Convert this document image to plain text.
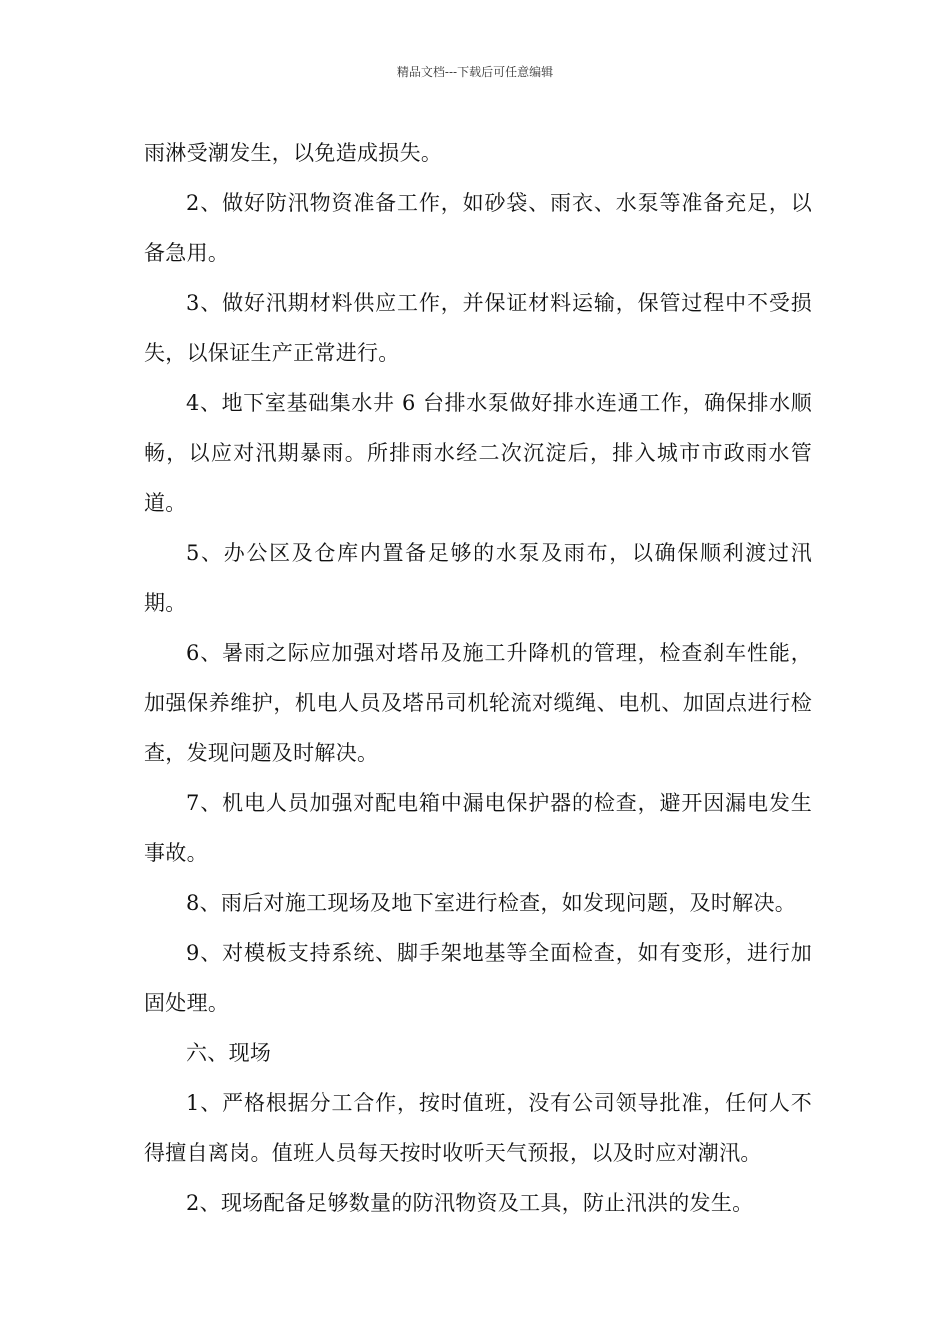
精品文档---下载后可任意编辑

雨淋受潮发生，以免造成损失。

2、做好防汛物资准备工作，如砂袋、雨衣、水泵等准备充足，以备急用。

3、做好汛期材料供应工作，并保证材料运输，保管过程中不受损失，以保证生产正常进行。

4、地下室基础集水井 6 台排水泵做好排水连通工作，确保排水顺畅，以应对汛期暴雨。所排雨水经二次沉淀后，排入城市市政雨水管道。

5、办公区及仓库内置备足够的水泵及雨布，以确保顺利渡过汛期。

6、暑雨之际应加强对塔吊及施工升降机的管理，检查刹车性能，加强保养维护，机电人员及塔吊司机轮流对缆绳、电机、加固点进行检查，发现问题及时解决。

7、机电人员加强对配电箱中漏电保护器的检查，避开因漏电发生事故。

8、雨后对施工现场及地下室进行检查，如发现问题，及时解决。

9、对模板支持系统、脚手架地基等全面检查，如有变形，进行加固处理。

六、现场

1、严格根据分工合作，按时值班，没有公司领导批准，任何人不得擅自离岗。值班人员每天按时收听天气预报，以及时应对潮汛。

2、现场配备足够数量的防汛物资及工具，防止汛洪的发生。
